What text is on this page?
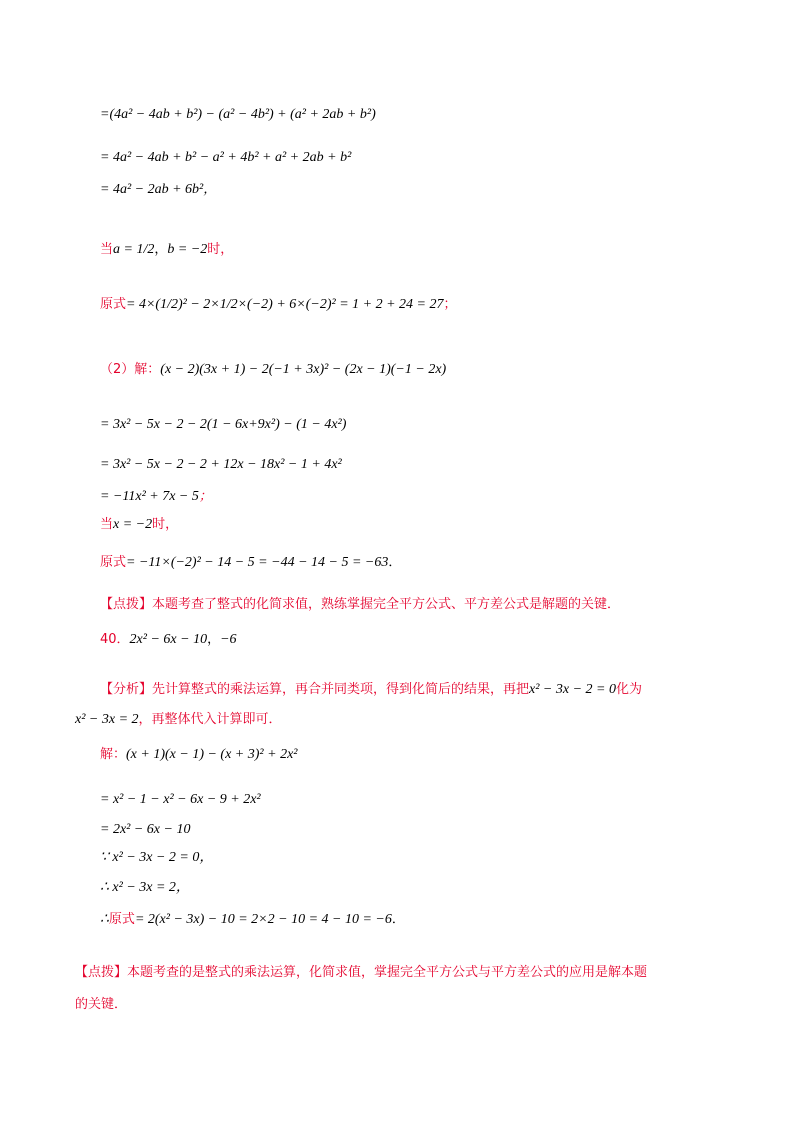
=(4a² − 4ab + b²) − (a² − 4b²) + (a² + 2ab + b²)
= 4a² − 4ab + b² − a² + 4b² + a² + 2ab + b²
= 4a² − 2ab + 6b²，
当a = 1/2，b = −2时，
原式= 4×(1/2)² − 2×1/2×(−2) + 6×(−2)² = 1 + 2 + 24 = 27；
（2）解：(x − 2)(3x + 1) − 2(−1 + 3x)² − (2x − 1)(−1 − 2x)
= 3x² − 5x − 2 − 2(1 − 6x+9x²) − (1 − 4x²)
= 3x² − 5x − 2 − 2 + 12x − 18x² − 1 + 4x²
= −11x² + 7x − 5；
当x = −2时，
原式= −11×(−2)² − 14 − 5 = −44 − 14 − 5 = −63．
【点拨】本题考查了整式的化简求值，熟练掌握完全平方公式、平方差公式是解题的关键．
40．2x² − 6x − 10，−6
【分析】先计算整式的乘法运算，再合并同类项，得到化简后的结果，再把x² − 3x − 2 = 0化为
x² − 3x = 2，再整体代入计算即可．
解：(x + 1)(x − 1) − (x + 3)² + 2x²
= x² − 1 − x² − 6x − 9 + 2x²
= 2x² − 6x − 10
∵ x² − 3x − 2 = 0，
∴ x² − 3x = 2，
∴原式= 2(x² − 3x) − 10 = 2×2 − 10 = 4 − 10 = −6．
【点拨】本题考查的是整式的乘法运算，化简求值，掌握完全平方公式与平方差公式的应用是解本题
的关键．
